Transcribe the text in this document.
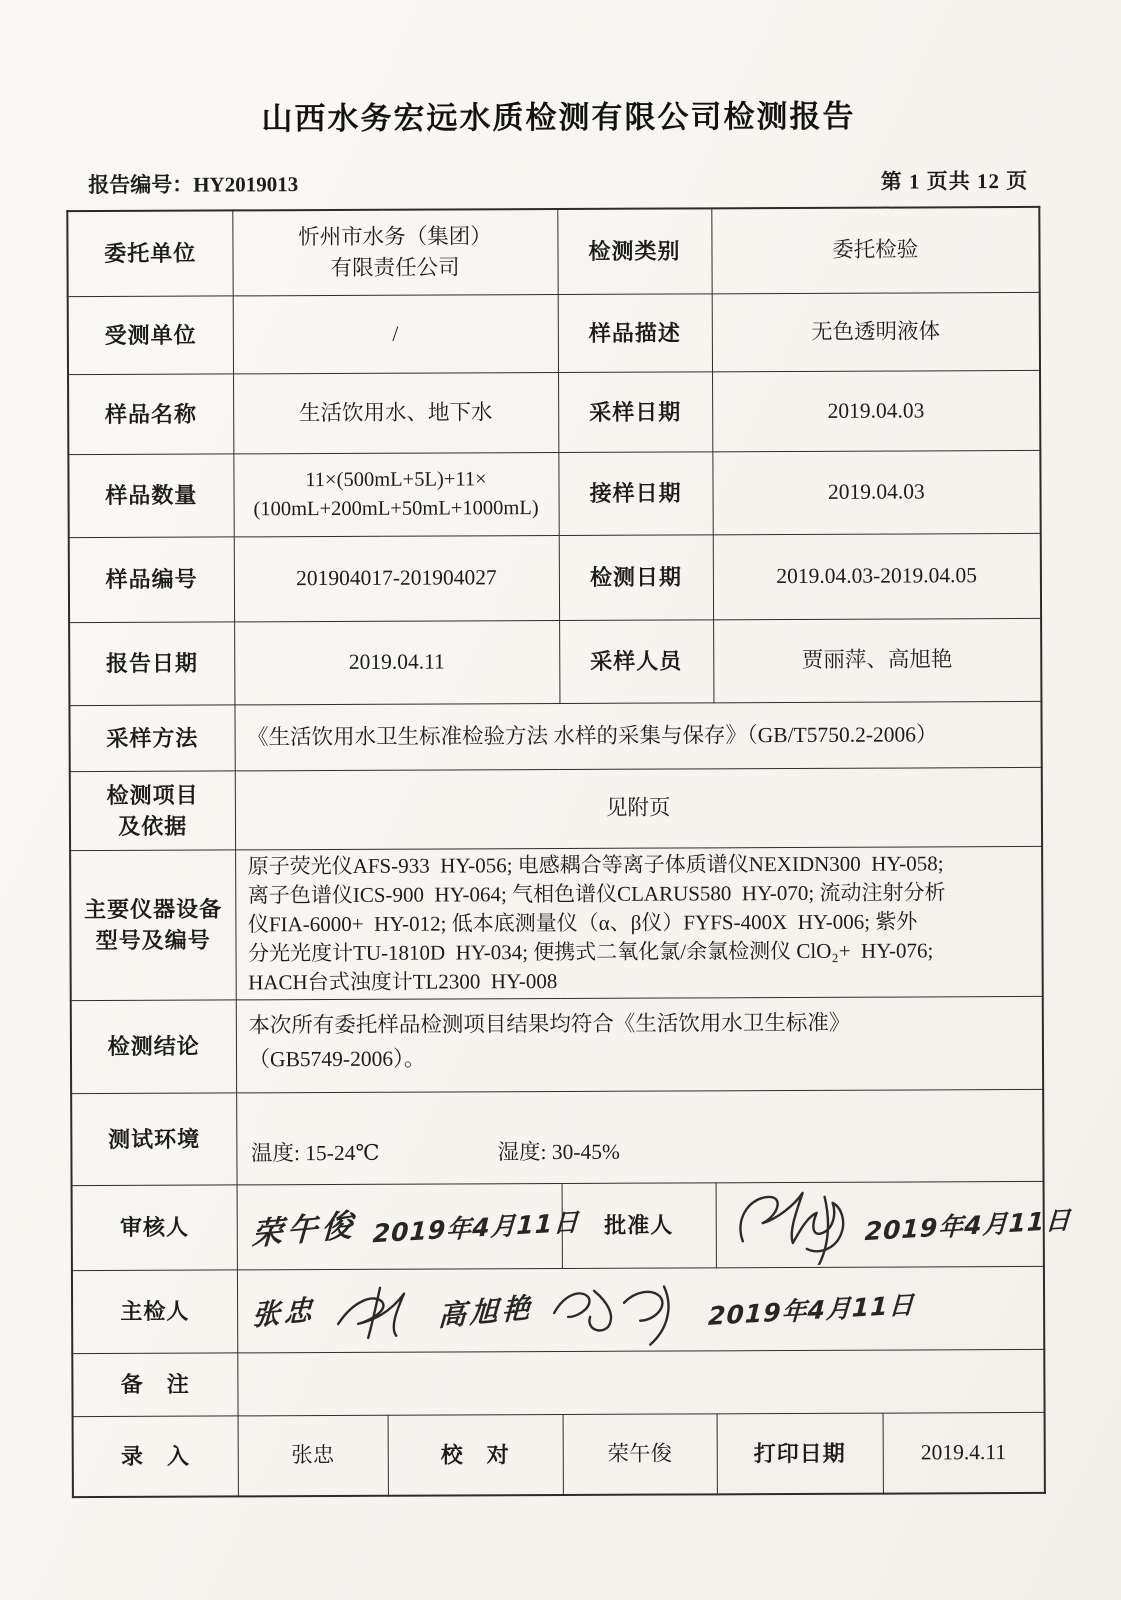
山西水务宏远水质检测有限公司检测报告
报告编号：HY2019013	第 1 页共 12 页
委托单位	忻州市水务（集团）
有限责任公司		检测类别	委托检验	
受测单位	/		样品描述	无色透明液体	
样品名称	生活饮用水、地下水		采样日期	2019.04.03	
样品数量	11×(500mL+5L)+11×
(100mL+200mL+50mL+1000mL)		接样日期	2019.04.03	
样品编号	201904017-201904027		检测日期	2019.04.03-2019.04.05	
报告日期	2019.04.11		采样人员	贾丽萍、高旭艳	
采样方法	《生活饮用水卫生标准检验方法 水样的采集与保存》（GB/T5750.2-2006）				
检测项目
及依据	见附页				
主要仪器设备
型号及编号	原子荧光仪AFS-933  HY-056; 电感耦合等离子体质谱仪NEXIDN300  HY-058;
离子色谱仪ICS-900  HY-064; 气相色谱仪CLARUS580  HY-070; 流动注射分析
仪FIA-6000+  HY-012; 低本底测量仪（α、β仪）FYFS-400X  HY-006; 紫外
分光光度计TU-1810D  HY-034; 便携式二氧化氯/余氯检测仪 ClO₂+  HY-076;
HACH台式浊度计TL2300  HY-008				
检测结论	本次所有委托样品检测项目结果均符合《生活饮用水卫生标准》
（GB5749-2006）。				
测试环境	温度: 15-24℃ 湿度: 30-45%				

审核人	荣午俊 2019年4月11日		批准人	2019年4月11日	

主检人	张忠 高旭艳 2019年4月11日				

备　注					
录　入	张忠	校　对	荣午俊	打印日期	2019.4.11
